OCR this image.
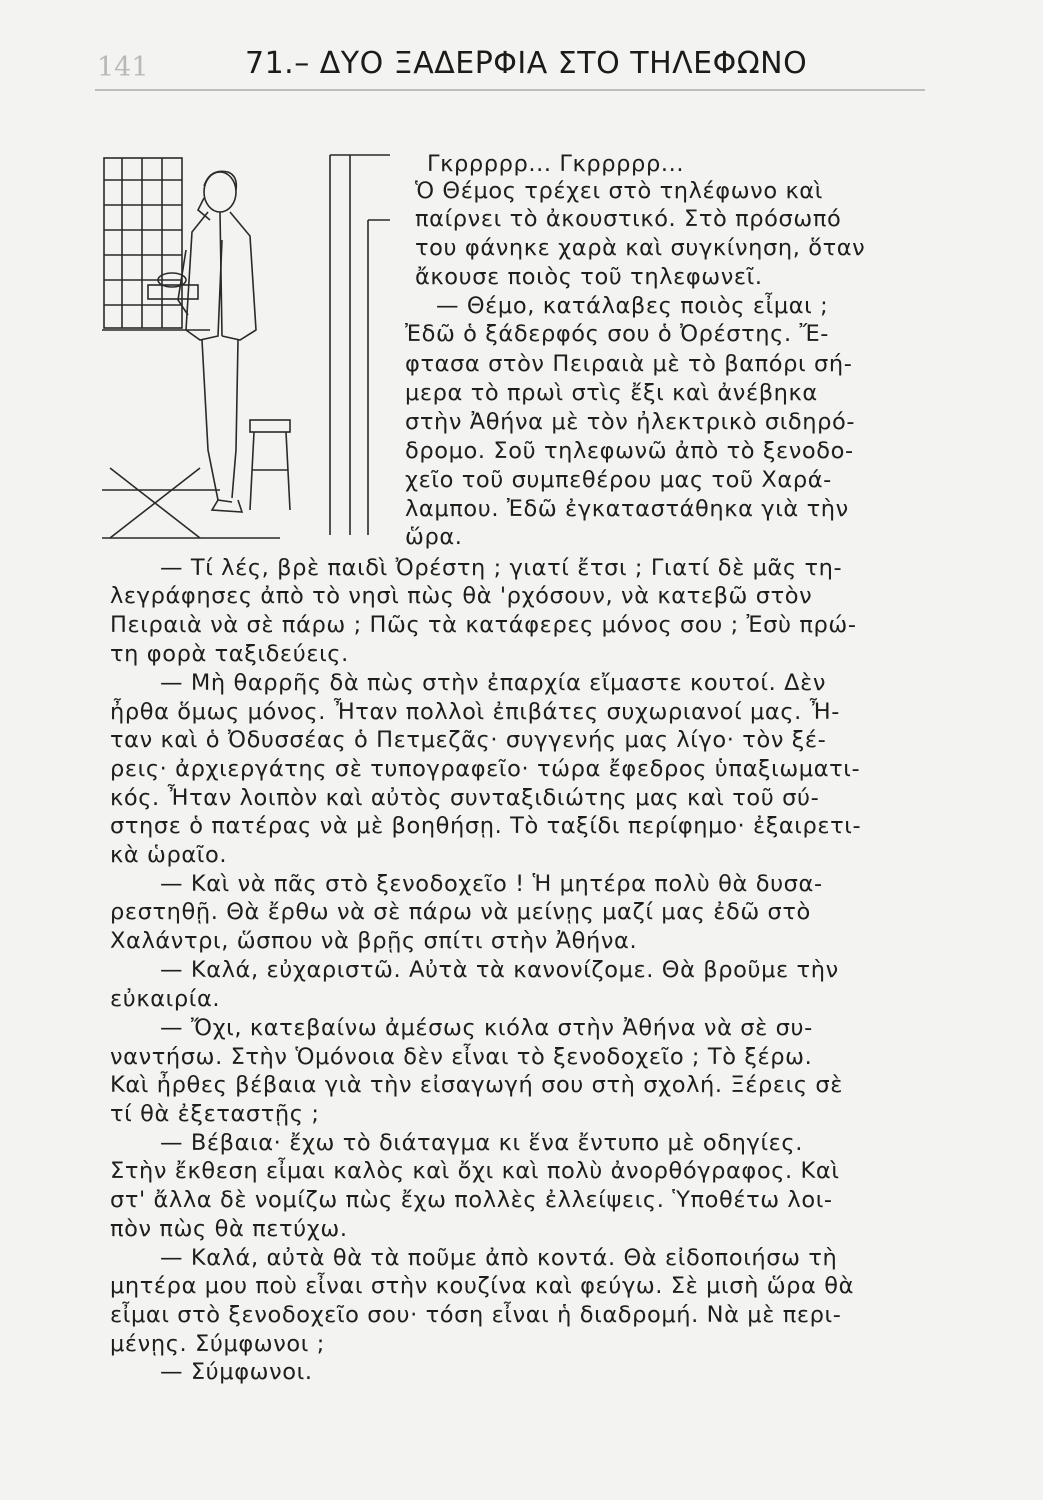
141	71.– ΔΥΟ ΞΑΔΕΡΦΙΑ ΣΤΟ ΤΗΛΕΦΩΝΟ
Γκρρρρρ... Γκρρρρρ...
Ὁ Θέμος τρέχει στὸ τηλέφωνο καὶ
παίρνει τὸ ἀκουστικό. Στὸ πρόσωπό
του φάνηκε χαρὰ καὶ συγκίνηση, ὅταν
ἄκουσε ποιὸς τοῦ τηλεφωνεῖ.
— Θέμο, κατάλαβες ποιὸς εἶμαι ;
Ἐδῶ ὁ ξάδερφός σου ὁ Ὀρέστης. Ἔ-
φτασα στὸν Πειραιὰ μὲ τὸ βαπόρι σή-
μερα τὸ πρωὶ στὶς ἔξι καὶ ἀνέβηκα
στὴν Ἀθήνα μὲ τὸν ἠλεκτρικὸ σιδηρό-
δρομο. Σοῦ τηλεφωνῶ ἀπὸ τὸ ξενοδο-
χεῖο τοῦ συμπεθέρου μας τοῦ Χαρά-
λαμπου. Ἐδῶ ἐγκαταστάθηκα γιὰ τὴν
ὥρα.
— Τί λές, βρὲ παιδὶ Ὀρέστη ; γιατί ἔτσι ; Γιατί δὲ μᾶς τη-
λεγράφησες ἀπὸ τὸ νησὶ πὼς θὰ 'ρχόσουν, νὰ κατεβῶ στὸν
Πειραιὰ νὰ σὲ πάρω ; Πῶς τὰ κατάφερες μόνος σου ; Ἐσὺ πρώ-
τη φορὰ ταξιδεύεις.
— Μὴ θαρρῆς δὰ πὼς στὴν ἐπαρχία εἴμαστε κουτοί. Δὲν
ἦρθα ὅμως μόνος. Ἦταν πολλοὶ ἐπιβάτες συχωριανοί μας. Ἦ-
ταν καὶ ὁ Ὀδυσσέας ὁ Πετμεζᾶς· συγγενής μας λίγο· τὸν ξέ-
ρεις· ἀρχιεργάτης σὲ τυπογραφεῖο· τώρα ἔφεδρος ὑπαξιωματι-
κός. Ἦταν λοιπὸν καὶ αὐτὸς συνταξιδιώτης μας καὶ τοῦ σύ-
στησε ὁ πατέρας νὰ μὲ βοηθήσῃ. Τὸ ταξίδι περίφημο· ἐξαιρετι-
κὰ ὡραῖο.
— Καὶ νὰ πᾶς στὸ ξενοδοχεῖο ! Ἡ μητέρα πολὺ θὰ δυσα-
ρεστηθῇ. Θὰ ἔρθω νὰ σὲ πάρω νὰ μείνῃς μαζί μας ἐδῶ στὸ
Χαλάντρι, ὥσπου νὰ βρῇς σπίτι στὴν Ἀθήνα.
— Καλά, εὐχαριστῶ. Αὐτὰ τὰ κανονίζομε. Θὰ βροῦμε τὴν
εὐκαιρία.
— Ὄχι, κατεβαίνω ἀμέσως κιόλα στὴν Ἀθήνα νὰ σὲ συ-
ναντήσω. Στὴν Ὁμόνοια δὲν εἶναι τὸ ξενοδοχεῖο ; Τὸ ξέρω.
Καὶ ἦρθες βέβαια γιὰ τὴν εἰσαγωγή σου στὴ σχολή. Ξέρεις σὲ
τί θὰ ἐξεταστῇς ;
— Βέβαια· ἔχω τὸ διάταγμα κι ἕνα ἔντυπο μὲ οδηγίες.
Στὴν ἔκθεση εἶμαι καλὸς καὶ ὄχι καὶ πολὺ ἀνορθόγραφος. Καὶ
στ' ἄλλα δὲ νομίζω πὼς ἔχω πολλὲς ἐλλείψεις. Ὑποθέτω λοι-
πὸν πὼς θὰ πετύχω.
— Καλά, αὐτὰ θὰ τὰ ποῦμε ἀπὸ κοντά. Θὰ εἰδοποιήσω τὴ
μητέρα μου ποὺ εἶναι στὴν κουζίνα καὶ φεύγω. Σὲ μισὴ ὥρα θὰ
εἶμαι στὸ ξενοδοχεῖο σου· τόση εἶναι ἡ διαδρομή. Νὰ μὲ περι-
μένῃς. Σύμφωνοι ;
— Σύμφωνοι.
